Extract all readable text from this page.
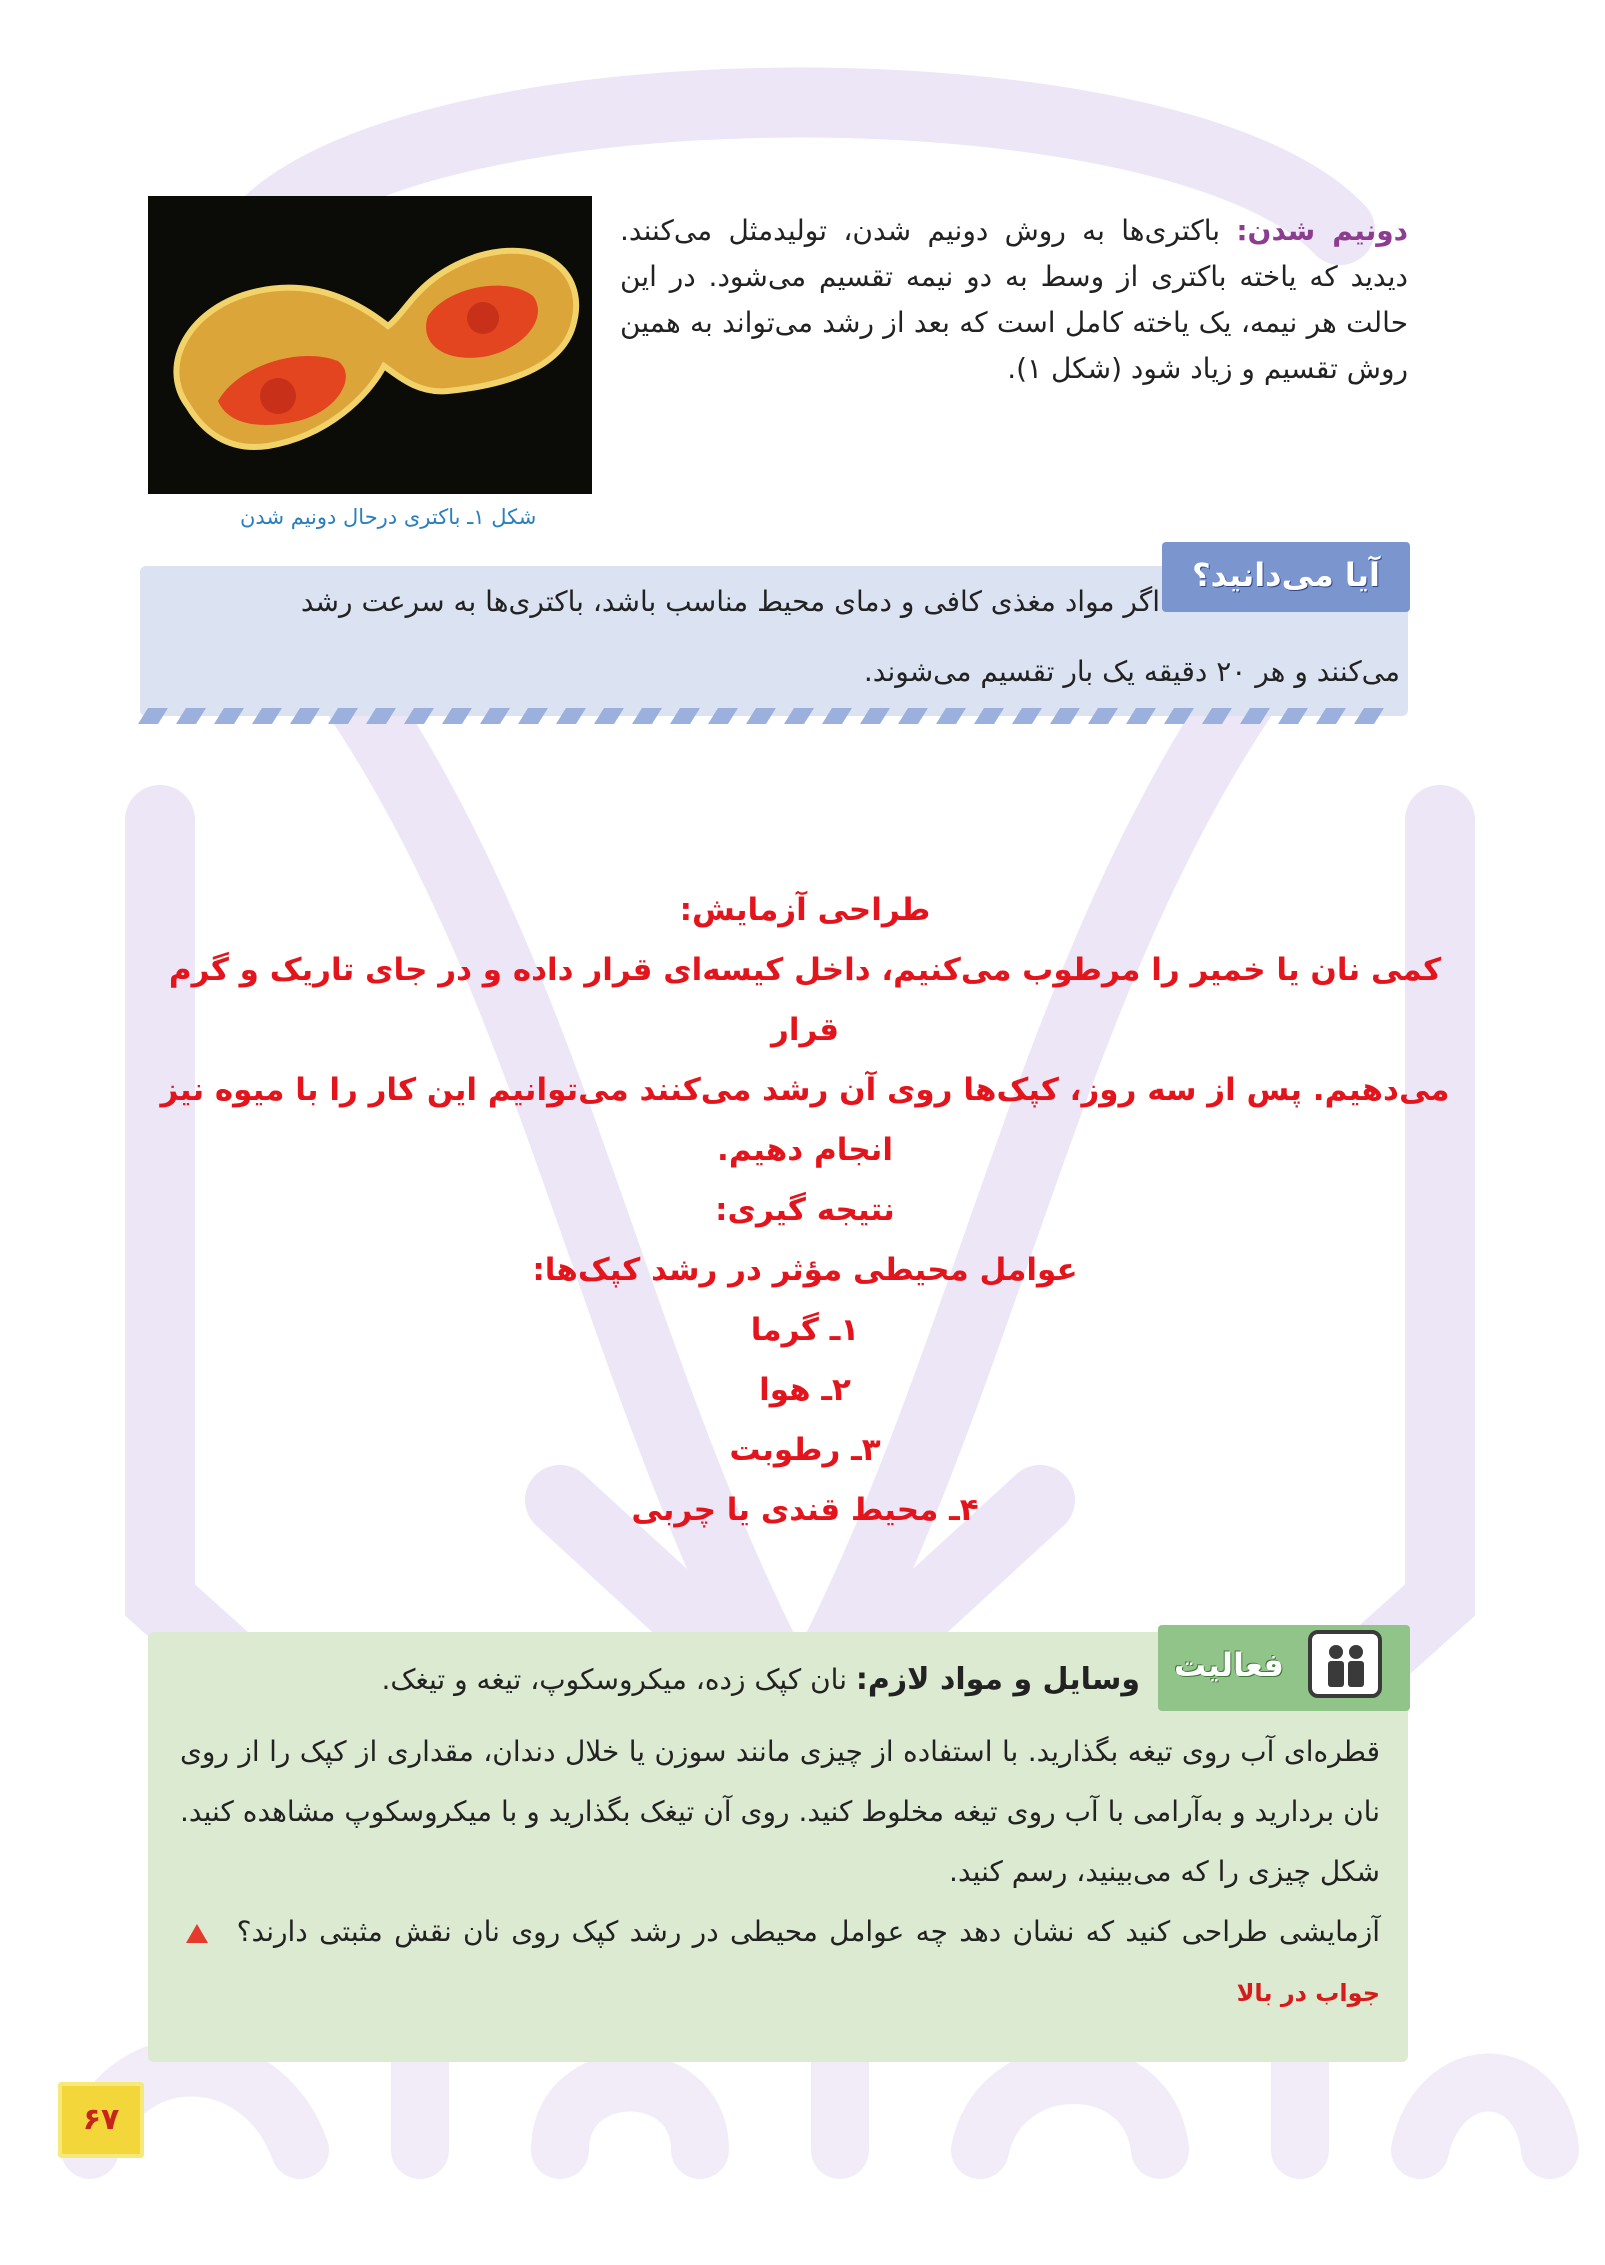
شکل ۱ـ باکتری درحال دونیم شدن
دونیم شدن: باکتری‌ها به روش دونیم شدن، تولیدمثل می‌کنند. دیدید که یاخته باکتری از وسط به دو نیمه تقسیم می‌شود. در این حالت هر نیمه، یک یاخته کامل است که بعد از رشد می‌تواند به همین روش تقسیم و زیاد شود (شکل ۱).
آیا می‌دانید؟
اگر مواد مغذی کافی و دمای محیط مناسب باشد، باکتری‌ها به سرعت رشد
می‌کنند و هر ۲۰ دقیقه یک بار تقسیم می‌شوند.
طراحی آزمایش:
کمی نان یا خمیر را مرطوب می‌کنیم، داخل کیسه‌ای قرار داده و در جای تاریک و گرم قرار
می‌دهیم. پس از سه روز، کپک‌ها روی آن رشد می‌کنند می‌توانیم این کار را با میوه نیز
انجام دهیم.
نتیجه گیری:
عوامل محیطی مؤثر در رشد کپک‌ها:
۱ـ گرما
۲ـ هوا
۳ـ رطوبت
۴ـ محیط قندی یا چربی
فعالیت
وسایل و مواد لازم: نان کپک زده، میکروسکوپ، تیغه و تیغک.

قطره‌ای آب روی تیغه بگذارید. با استفاده از چیزی مانند سوزن یا خلال دندان، مقداری از کپک را از روی نان بردارید و به‌آرامی با آب روی تیغه مخلوط کنید. روی آن تیغک بگذارید و با میکروسکوپ مشاهده کنید. شکل چیزی را که می‌بینید، رسم کنید.

آزمایشی طراحی کنید که نشان دهد چه عوامل محیطی در رشد کپک روی نان نقش مثبتی دارند؟  جواب در بالا

۶۷
